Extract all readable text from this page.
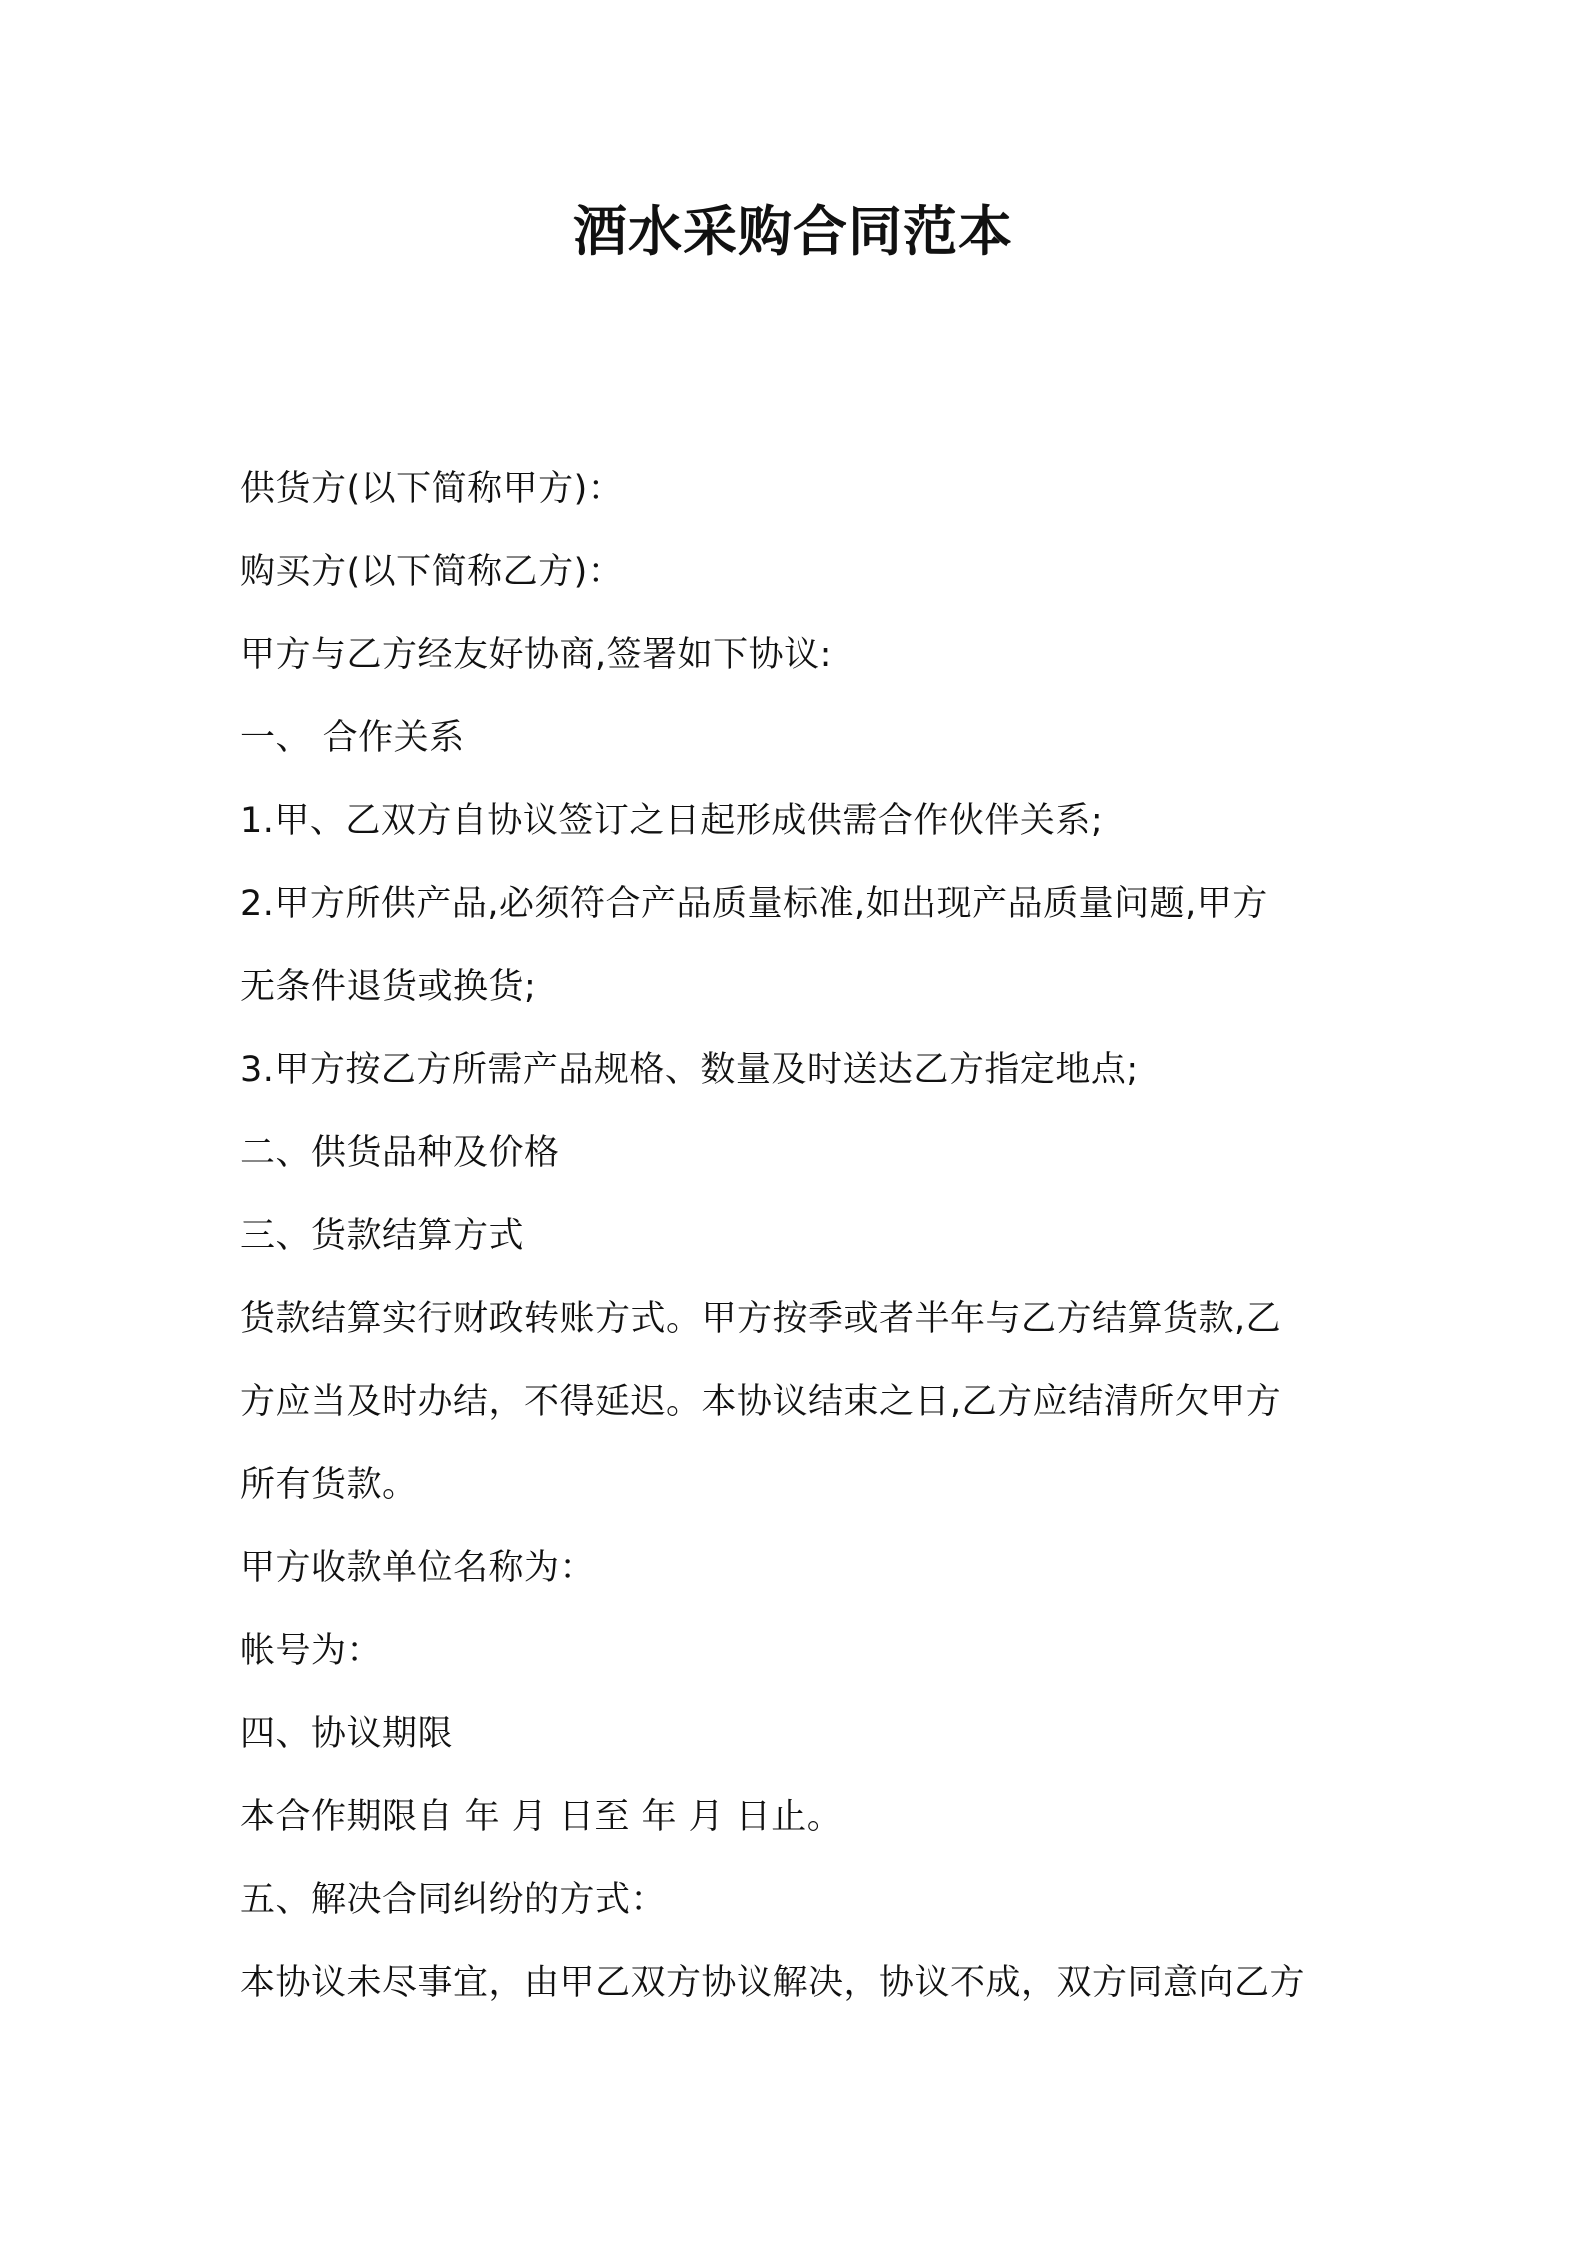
酒水采购合同范本
供货方(以下简称甲方)：
购买方(以下简称乙方)：
甲方与乙方经友好协商,签署如下协议:
一、 合作关系
1.甲、乙双方自协议签订之日起形成供需合作伙伴关系;
2.甲方所供产品,必须符合产品质量标准,如出现产品质量问题,甲方
无条件退货或换货;
3.甲方按乙方所需产品规格、数量及时送达乙方指定地点;
二、供货品种及价格
三、货款结算方式
货款结算实行财政转账方式。甲方按季或者半年与乙方结算货款,乙
方应当及时办结，不得延迟。本协议结束之日,乙方应结清所欠甲方
所有货款。
甲方收款单位名称为：
帐号为：
四、协议期限
本合作期限自 年 月 日至 年 月 日止。
五、解决合同纠纷的方式：
本协议未尽事宜，由甲乙双方协议解决，协议不成，双方同意向乙方
